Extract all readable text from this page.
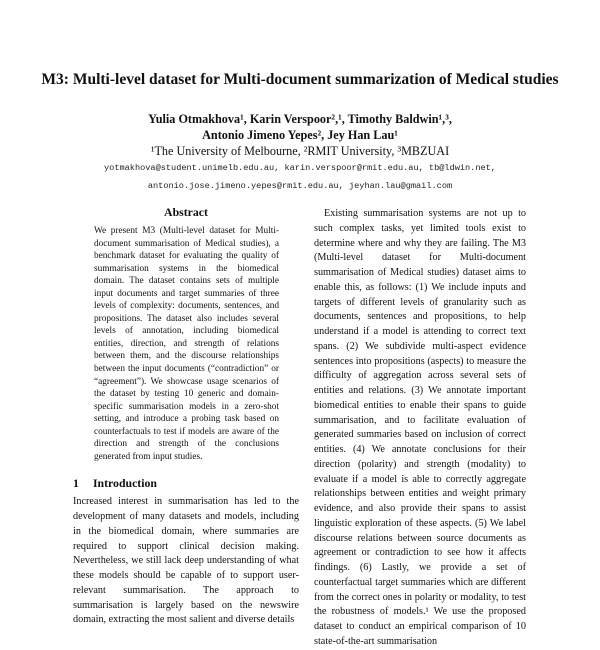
M3: Multi-level dataset for Multi-document summarization of Medical studies
Yulia Otmakhova¹, Karin Verspoor²,¹, Timothy Baldwin¹,³,
Antonio Jimeno Yepes², Jey Han Lau¹
¹The University of Melbourne, ²RMIT University, ³MBZUAI
yotmakhova@student.unimelb.edu.au, karin.verspoor@rmit.edu.au, tb@ldwin.net,
antonio.jose.jimeno.yepes@rmit.edu.au, jeyhan.lau@gmail.com
Abstract

We present M3 (Multi-level dataset for Multi-document summarisation of Medical studies), a benchmark dataset for evaluating the quality of summarisation systems in the biomedical domain. The dataset contains sets of multiple input documents and target summaries of three levels of complexity: documents, sentences, and propositions. The dataset also includes several levels of annotation, including biomedical entities, direction, and strength of relations between them, and the discourse relationships between the input documents (“contradiction” or “agreement”). We showcase usage scenarios of the dataset by testing 10 generic and domain-specific summarisation models in a zero-shot setting, and introduce a probing task based on counterfactuals to test if models are aware of the direction and strength of the conclusions generated from input studies.

1 Introduction

Increased interest in summarisation has led to the development of many datasets and models, including in the biomedical domain, where summaries are required to support clinical decision making. Nevertheless, we still lack deep understanding of what these models should be capable of to support user-relevant summarisation. The approach to summarisation is largely based on the newswire domain, extracting the most salient and diverse details

Existing summarisation systems are not up to such complex tasks, yet limited tools exist to determine where and why they are failing. The M3 (Multi-level dataset for Multi-document summarisation of Medical studies) dataset aims to enable this, as follows: (1) We include inputs and targets of different levels of granularity such as documents, sentences and propositions, to help understand if a model is attending to correct text spans. (2) We subdivide multi-aspect evidence sentences into propositions (aspects) to measure the difficulty of aggregation across several sets of entities and relations. (3) We annotate important biomedical entities to enable their spans to guide summarisation, and to facilitate evaluation of generated summaries based on inclusion of correct entities. (4) We annotate conclusions for their direction (polarity) and strength (modality) to evaluate if a model is able to correctly aggregate relationships between entities and weight primary evidence, and also provide their spans to assist linguistic exploration of these aspects. (5) We label discourse relations between source documents as agreement or contradiction to see how it affects findings. (6) Lastly, we provide a set of counterfactual target summaries which are different from the correct ones in polarity or modality, to test the robustness of models.¹ We use the proposed dataset to conduct an empirical comparison of 10 state-of-the-art summarisation
